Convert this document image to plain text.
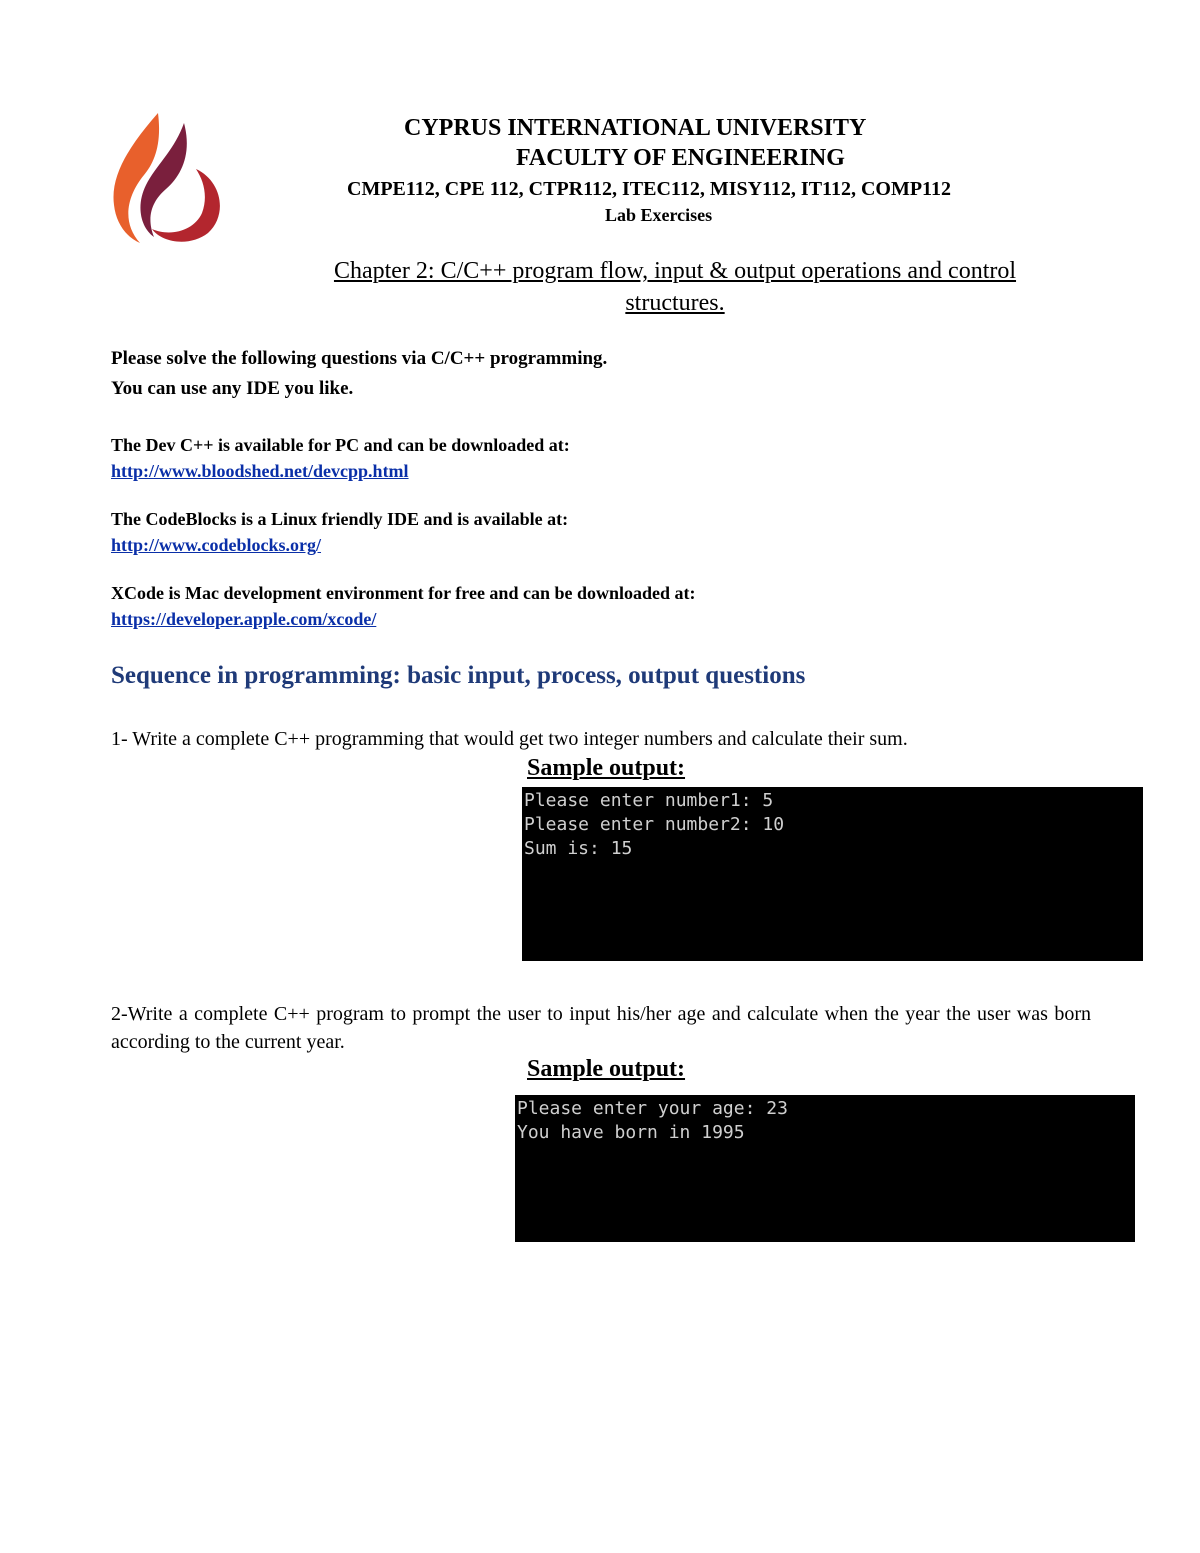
CYPRUS INTERNATIONAL UNIVERSITY
FACULTY OF ENGINEERING
CMPE112, CPE 112, CTPR112, ITEC112, MISY112, IT112, COMP112
Lab Exercises
Chapter 2: C/C++ program flow, input & output operations and control
structures.
Please solve the following questions via C/C++ programming.
You can use any IDE you like.
The Dev C++ is available for PC and can be downloaded at:
http://www.bloodshed.net/devcpp.html
The CodeBlocks is a Linux friendly IDE and is available at:
http://www.codeblocks.org/
XCode is Mac development environment for free and can be downloaded at:
https://developer.apple.com/xcode/
Sequence in programming: basic input, process, output questions
1- Write a complete C++ programming that would get two integer numbers and calculate their sum.
Sample output:
Please enter number1: 5
Please enter number2: 10
Sum is: 15
2-Write a complete C++ program to prompt the user to input his/her age and calculate when the year the user was born according to the current year.
Sample output:
Please enter your age: 23
You have born in 1995
